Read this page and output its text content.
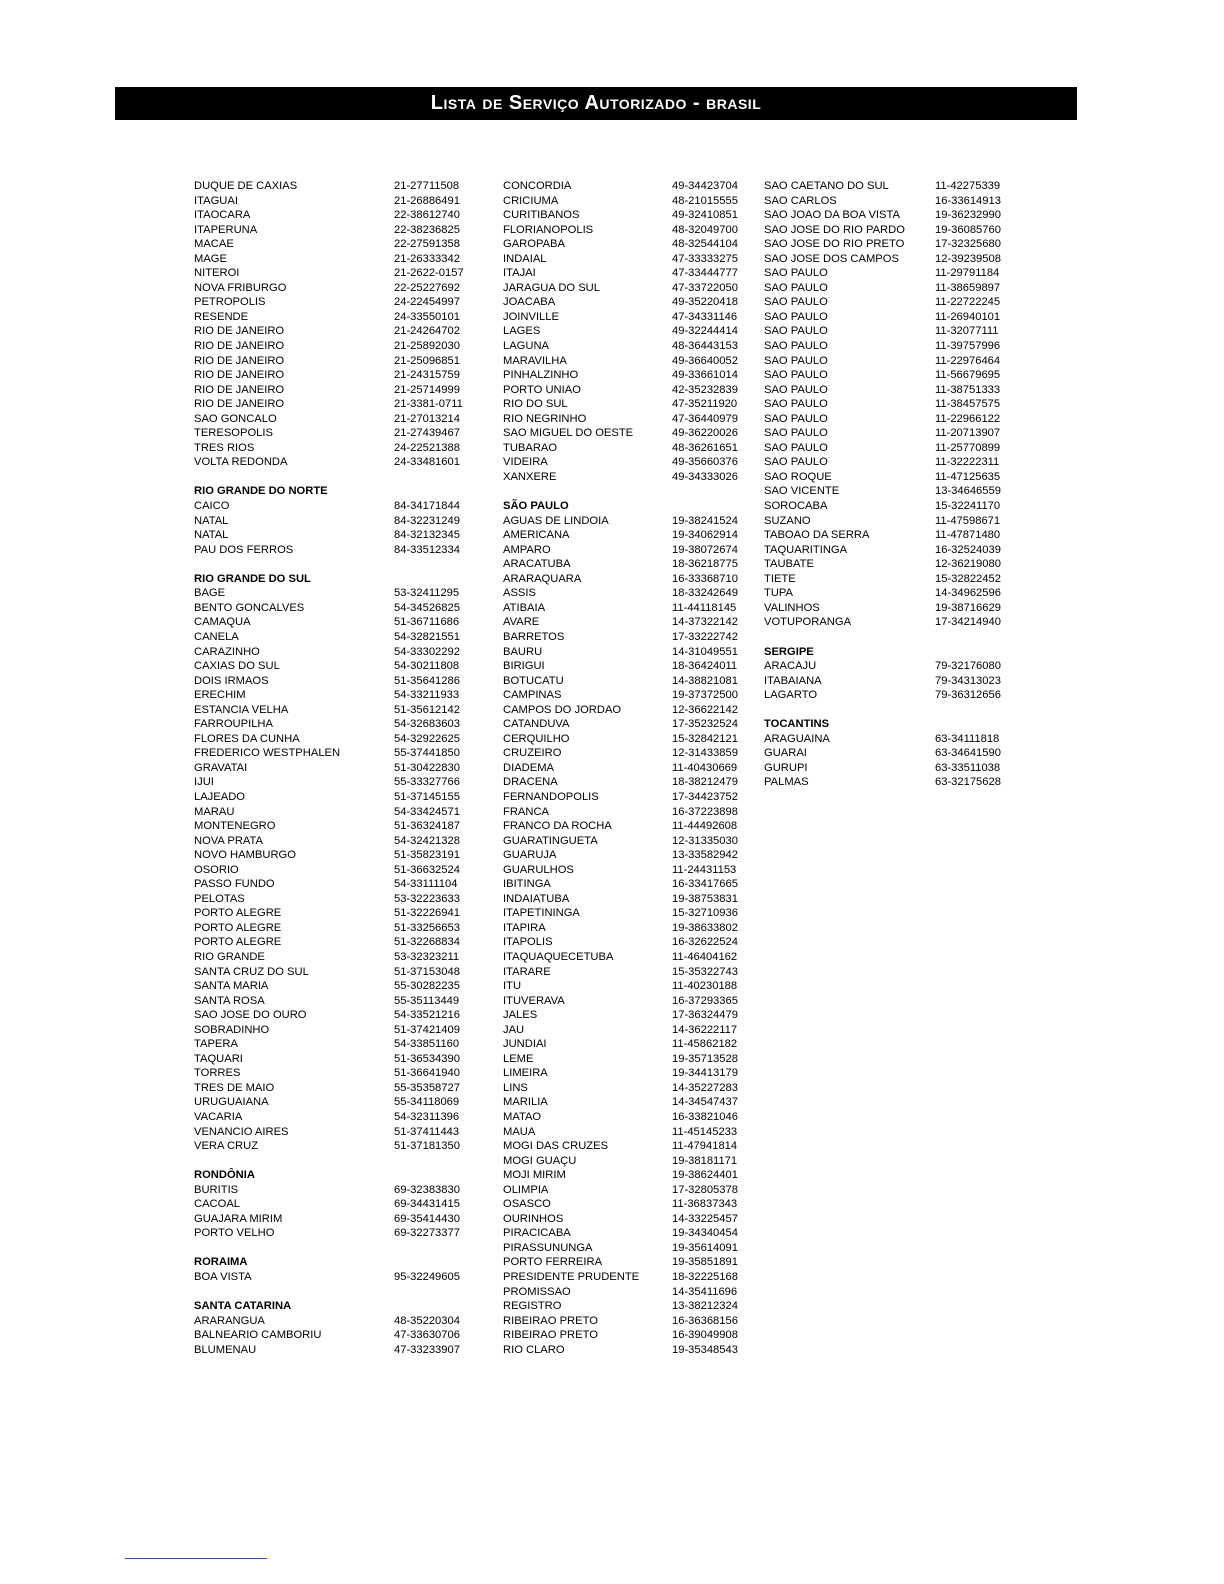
Lista de Serviço Autorizado - brasil
DUQUE DE CAXIAS	21-27711508
ITAGUAI	21-26886491
ITAOCARA	22-38612740
ITAPERUNA	22-38236825
MACAE	22-27591358
MAGE	21-26333342
NITEROI	21-2622-0157
NOVA FRIBURGO	22-25227692
PETROPOLIS	24-22454997
RESENDE	24-33550101
RIO DE JANEIRO	21-24264702
RIO DE JANEIRO	21-25892030
RIO DE JANEIRO	21-25096851
RIO DE JANEIRO	21-24315759
RIO DE JANEIRO	21-25714999
RIO DE JANEIRO	21-3381-0711
SAO GONCALO	21-27013214
TERESOPOLIS	21-27439467
TRES RIOS	24-22521388
VOLTA REDONDA	24-33481601
RIO GRANDE DO NORTE
CAICO	84-34171844
NATAL	84-32231249
NATAL	84-32132345
PAU DOS FERROS	84-33512334
RIO GRANDE DO SUL
BAGE	53-32411295
BENTO GONCALVES	54-34526825
CAMAQUA	51-36711686
CANELA	54-32821551
CARAZINHO	54-33302292
CAXIAS DO SUL	54-30211808
DOIS IRMAOS	51-35641286
ERECHIM	54-33211933
ESTANCIA VELHA	51-35612142
FARROUPILHA	54-32683603
FLORES DA CUNHA	54-32922625
FREDERICO WESTPHALEN	55-37441850
GRAVATAI	51-30422830
IJUI	55-33327766
LAJEADO	51-37145155
MARAU	54-33424571
MONTENEGRO	51-36324187
NOVA PRATA	54-32421328
NOVO HAMBURGO	51-35823191
OSORIO	51-36632524
PASSO FUNDO	54-33111104
PELOTAS	53-32223633
PORTO ALEGRE	51-32226941
PORTO ALEGRE	51-33256653
PORTO ALEGRE	51-32268834
RIO GRANDE	53-32323211
SANTA CRUZ DO SUL	51-37153048
SANTA MARIA	55-30282235
SANTA ROSA	55-35113449
SAO JOSE DO OURO	54-33521216
SOBRADINHO	51-37421409
TAPERA	54-33851160
TAQUARI	51-36534390
TORRES	51-36641940
TRES DE MAIO	55-35358727
URUGUAIANA	55-34118069
VACARIA	54-32311396
VENANCIO AIRES	51-37411443
VERA CRUZ	51-37181350
RONDÔNIA
BURITIS	69-32383830
CACOAL	69-34431415
GUAJARA MIRIM	69-35414430
PORTO VELHO	69-32273377
RORAIMA
BOA VISTA	95-32249605
SANTA CATARINA
ARARANGUA	48-35220304
BALNEARIO CAMBORIU	47-33630706
BLUMENAU	47-33233907
CONCORDIA	49-34423704
CRICIUMA	48-21015555
CURITIBANOS	49-32410851
FLORIANOPOLIS	48-32049700
GAROPABA	48-32544104
INDAIAL	47-33333275
ITAJAI	47-33444777
JARAGUA DO SUL	47-33722050
JOACABA	49-35220418
JOINVILLE	47-34331146
LAGES	49-32244414
LAGUNA	48-36443153
MARAVILHA	49-36640052
PINHALZINHO	49-33661014
PORTO UNIAO	42-35232839
RIO DO SUL	47-35211920
RIO NEGRINHO	47-36440979
SAO MIGUEL DO OESTE	49-36220026
TUBARAO	48-36261651
VIDEIRA	49-35660376
XANXERE	49-34333026
SÃO PAULO
AGUAS DE LINDOIA	19-38241524
AMERICANA	19-34062914
AMPARO	19-38072674
ARACATUBA	18-36218775
ARARAQUARA	16-33368710
ASSIS	18-33242649
ATIBAIA	11-44118145
AVARE	14-37322142
BARRETOS	17-33222742
BAURU	14-31049551
BIRIGUI	18-36424011
BOTUCATU	14-38821081
CAMPINAS	19-37372500
CAMPOS DO JORDAO	12-36622142
CATANDUVA	17-35232524
CERQUILHO	15-32842121
CRUZEIRO	12-31433859
DIADEMA	11-40430669
DRACENA	18-38212479
FERNANDOPOLIS	17-34423752
FRANCA	16-37223898
FRANCO DA ROCHA	11-44492608
GUARATINGUETA	12-31335030
GUARUJA	13-33582942
GUARULHOS	11-24431153
IBITINGA	16-33417665
INDAIATUBA	19-38753831
ITAPETININGA	15-32710936
ITAPIRA	19-38633802
ITAPOLIS	16-32622524
ITAQUAQUECETUBA	11-46404162
ITARARE	15-35322743
ITU	11-40230188
ITUVERAVA	16-37293365
JALES	17-36324479
JAU	14-36222117
JUNDIAI	11-45862182
LEME	19-35713528
LIMEIRA	19-34413179
LINS	14-35227283
MARILIA	14-34547437
MATAO	16-33821046
MAUA	11-45145233
MOGI DAS CRUZES	11-47941814
MOGI GUAÇU	19-38181171
MOJI MIRIM	19-38624401
OLIMPIA	17-32805378
OSASCO	11-36837343
OURINHOS	14-33225457
PIRACICABA	19-34340454
PIRASSUNUNGA	19-35614091
PORTO FERREIRA	19-35851891
PRESIDENTE PRUDENTE	18-32225168
PROMISSAO	14-35411696
REGISTRO	13-38212324
RIBEIRAO PRETO	16-36368156
RIBEIRAO PRETO	16-39049908
RIO CLARO	19-35348543
SAO CAETANO DO SUL	11-42275339
SAO CARLOS	16-33614913
SAO JOAO DA BOA VISTA	19-36232990
SAO JOSE DO RIO PARDO	19-36085760
SAO JOSE DO RIO PRETO	17-32325680
SAO JOSE DOS CAMPOS	12-39239508
SAO PAULO	11-29791184
SAO PAULO	11-38659897
SAO PAULO	11-22722245
SAO PAULO	11-26940101
SAO PAULO	11-32077111
SAO PAULO	11-39757996
SAO PAULO	11-22976464
SAO PAULO	11-56679695
SAO PAULO	11-38751333
SAO PAULO	11-38457575
SAO PAULO	11-22966122
SAO PAULO	11-20713907
SAO PAULO	11-25770899
SAO PAULO	11-32222311
SAO ROQUE	11-47125635
SAO VICENTE	13-34646559
SOROCABA	15-32241170
SUZANO	11-47598671
TABOAO DA SERRA	11-47871480
TAQUARITINGA	16-32524039
TAUBATE	12-36219080
TIETE	15-32822452
TUPA	14-34962596
VALINHOS	19-38716629
VOTUPORANGA	17-34214940
SERGIPE
ARACAJU	79-32176080
ITABAIANA	79-34313023
LAGARTO	79-36312656
TOCANTINS
ARAGUAINA	63-34111818
GUARAI	63-34641590
GURUPI	63-33511038
PALMAS	63-32175628
